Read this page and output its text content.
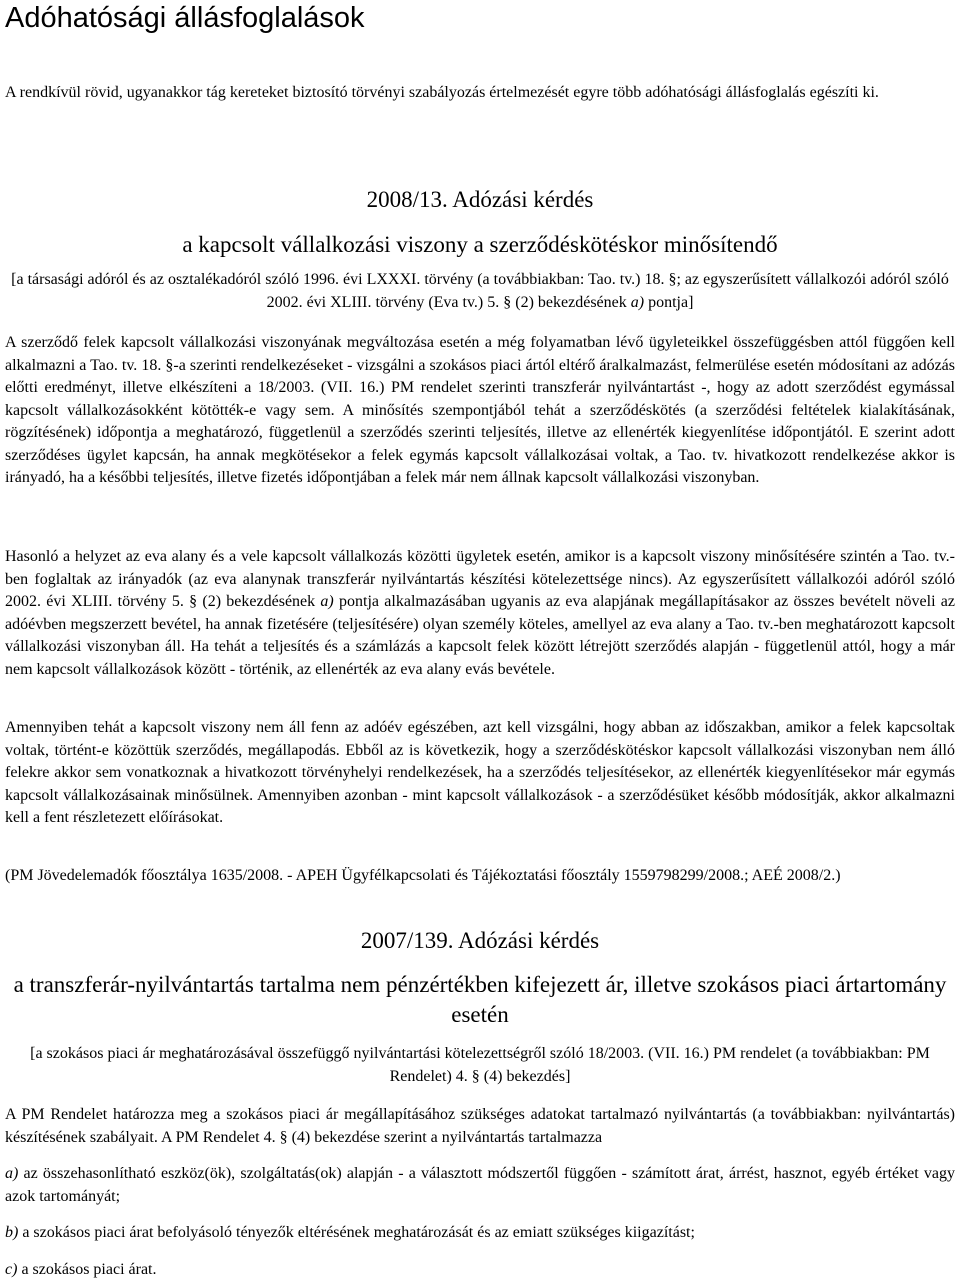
Adóhatósági állásfoglalások

A rendkívül rövid, ugyanakkor tág kereteket biztosító törvényi szabályozás értelmezését egyre több adóhatósági állásfoglalás egészíti ki.

2008/13. Adózási kérdés
a kapcsolt vállalkozási viszony a szerződéskötéskor minősítendő

[a társasági adóról és az osztalékadóról szóló 1996. évi LXXXI. törvény (a továbbiakban: Tao. tv.) 18. §; az egyszerűsített vállalkozói adóról szóló 2002. évi XLIII. törvény (Eva tv.) 5. § (2) bekezdésének a) pontja]

A szerződő felek kapcsolt vállalkozási viszonyának megváltozása esetén a még folyamatban lévő ügyleteikkel összefüggésben attól függően kell alkalmazni a Tao. tv. 18. §-a szerinti rendelkezéseket - vizsgálni a szokásos piaci ártól eltérő áralkalmazást, felmerülése esetén módosítani az adózás előtti eredményt, illetve elkészíteni a 18/2003. (VII. 16.) PM rendelet szerinti transzferár nyilvántartást -, hogy az adott szerződést egymással kapcsolt vállalkozásokként kötötték-e vagy sem. A minősítés szempontjából tehát a szerződéskötés (a szerződési feltételek kialakításának, rögzítésének) időpontja a meghatározó, függetlenül a szerződés szerinti teljesítés, illetve az ellenérték kiegyenlítése időpontjától. E szerint adott szerződéses ügylet kapcsán, ha annak megkötésekor a felek egymás kapcsolt vállalkozásai voltak, a Tao. tv. hivatkozott rendelkezése akkor is irányadó, ha a későbbi teljesítés, illetve fizetés időpontjában a felek már nem állnak kapcsolt vállalkozási viszonyban.

Hasonló a helyzet az eva alany és a vele kapcsolt vállalkozás közötti ügyletek esetén, amikor is a kapcsolt viszony minősítésére szintén a Tao. tv.-ben foglaltak az irányadók (az eva alanynak transzferár nyilvántartás készítési kötelezettsége nincs). Az egyszerűsített vállalkozói adóról szóló 2002. évi XLIII. törvény 5. § (2) bekezdésének a) pontja alkalmazásában ugyanis az eva alapjának megállapításakor az összes bevételt növeli az adóévben megszerzett bevétel, ha annak fizetésére (teljesítésére) olyan személy köteles, amellyel az eva alany a Tao. tv.-ben meghatározott kapcsolt vállalkozási viszonyban áll. Ha tehát a teljesítés és a számlázás a kapcsolt felek között létrejött szerződés alapján - függetlenül attól, hogy a már nem kapcsolt vállalkozások között - történik, az ellenérték az eva alany evás bevétele.

Amennyiben tehát a kapcsolt viszony nem áll fenn az adóév egészében, azt kell vizsgálni, hogy abban az időszakban, amikor a felek kapcsoltak voltak, történt-e közöttük szerződés, megállapodás. Ebből az is következik, hogy a szerződéskötéskor kapcsolt vállalkozási viszonyban nem álló felekre akkor sem vonatkoznak a hivatkozott törvényhelyi rendelkezések, ha a szerződés teljesítésekor, az ellenérték kiegyenlítésekor már egymás kapcsolt vállalkozásainak minősülnek. Amennyiben azonban - mint kapcsolt vállalkozások - a szerződésüket később módosítják, akkor alkalmazni kell a fent részletezett előírásokat.

(PM Jövedelemadók főosztálya 1635/2008. - APEH Ügyfélkapcsolati és Tájékoztatási főosztály 1559798299/2008.; AEÉ 2008/2.)

2007/139. Adózási kérdés
a transzferár-nyilvántartás tartalma nem pénzértékben kifejezett ár, illetve szokásos piaci ártartomány esetén

[a szokásos piaci ár meghatározásával összefüggő nyilvántartási kötelezettségről szóló 18/2003. (VII. 16.) PM rendelet (a továbbiakban: PM Rendelet) 4. § (4) bekezdés]

A PM Rendelet határozza meg a szokásos piaci ár megállapításához szükséges adatokat tartalmazó nyilvántartás (a továbbiakban: nyilvántartás) készítésének szabályait. A PM Rendelet 4. § (4) bekezdése szerint a nyilvántartás tartalmazza

a) az összehasonlítható eszköz(ök), szolgáltatás(ok) alapján - a választott módszertől függően - számított árat, árrést, hasznot, egyéb értéket vagy azok tartományát;

b) a szokásos piaci árat befolyásoló tényezők eltérésének meghatározását és az emiatt szükséges kiigazítást;

c) a szokásos piaci árat.
